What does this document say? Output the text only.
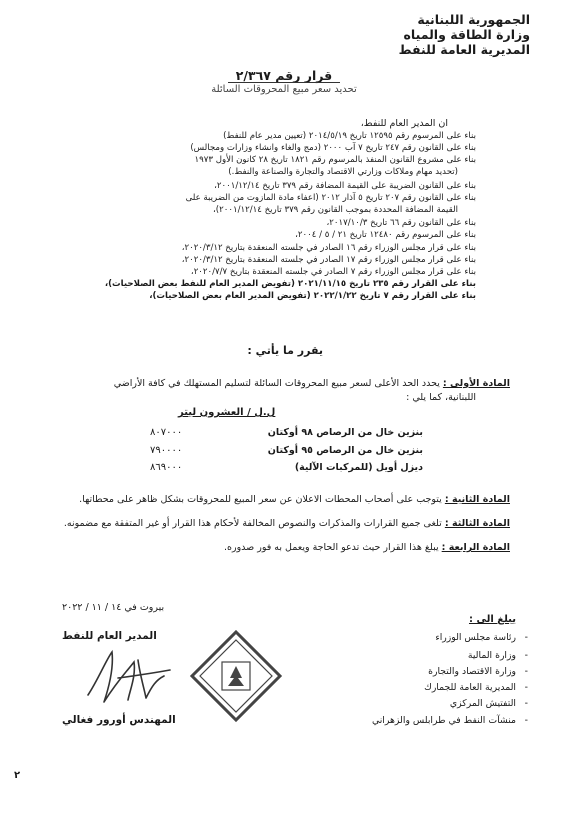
الجمهورية اللبنانية
وزارة الطاقة والمياه
المديرية العامة للنفط
قرار رقم ٢/٣٦٧
تحديد سعر مبيع المحروقات السائلة
ان المدير العام للنفط،
بناء على المرسوم رقم ١٢٥٩٥ تاريخ ٢٠١٤/٥/١٩ (تعيين مدير عام للنفط)
بناء على القانون رقم ٢٤٧ تاريخ ٧ آب ٢٠٠٠ (دمج والغاء وانشاء وزارات ومجالس)
بناء على مشروع القانون المنفذ بالمرسوم رقم ١٨٢١ تاريخ ٢٨ كانون الأول ١٩٧٣
(تحديد مهام وملاكات وزارتي الاقتصاد والتجارة والصناعة والنفط.)
بناء على القانون الضريبة على القيمة المضافة رقم ٣٧٩ تاريخ ٢٠٠١/١٢/١٤،
بناء على القانون رقم ٢٠٧ تاريخ ٥ آذار ٢٠١٢ (اعفاء مادة المازوت من الضريبة على
القيمة المضافة المحددة بموجب القانون رقم ٣٧٩ تاريخ ٢٠٠١/١٢/١٤)،
بناء على القانون رقم ٦٦ تاريخ ٢٠١٧/١٠/٣،
بناء على المرسوم رقم ١٢٤٨٠ تاريخ ٢١ / ٥ / ٢٠٠٤،
بناء على قرار مجلس الوزراء رقم ١٦ الصادر في جلسته المنعقدة بتاريخ ٢٠٢٠/٣/١٢،
بناء على قرار مجلس الوزراء رقم ١٧ الصادر في جلسته المنعقدة بتاريخ ٢٠٢٠/٣/١٢،
بناء على قرار مجلس الوزراء رقم ٧ الصادر في جلسته المنعقدة بتاريخ ٢٠٢٠/٧/٧،
بناء على القرار رقم ٢٣٥ تاريخ ٢٠٢١/١١/١٥ (تفويض المدير العام للنفط بعض الصلاحيات)،
بناء على القرار رقم ٧ تاريخ ٢٠٢٢/١/٢٢ (تفويض المدير العام بعض الصلاحيات)،
يقرر ما يأتي :
المادة الأولى : يحدد الحد الأعلى لسعر مبيع المحروقات السائلة لتسليم المستهلك في كافة الأراضي
اللبنانية، كما يلي :
ل.ل / العشرون ليتر
بنزين خال من الرصاص ٩٨ أوكتان
٨٠٧٠٠٠
بنزين خال من الرصاص ٩٥ أوكتان
٧٩٠٠٠٠
ديزل أويل (للمركبات الآلية)
٨٦٩٠٠٠
المادة الثانية : يتوجب على أصحاب المحطات الاعلان عن سعر المبيع للمحروقات بشكل ظاهر على محطاتها.
المادة الثالثة : تلغى جميع القرارات والمذكرات والنصوص المخالفة لأحكام هذا القرار أو غير المتفقة مع مضمونه.
المادة الرابعة : يبلغ هذا القرار حيث تدعو الحاجة ويعمل به فور صدوره.
بيروت في ١٤ / ١١ / ٢٠٢٢
يبلغ الى :
رئاسة مجلس الوزراء -
وزارة المالية -
وزارة الاقتصاد والتجارة -
المديرية العامة للجمارك -
التفتيش المركزي -
منشآت النفط في طرابلس والزهراني -
المدير العام للنفط
المهندس أورور فغالي
٢
